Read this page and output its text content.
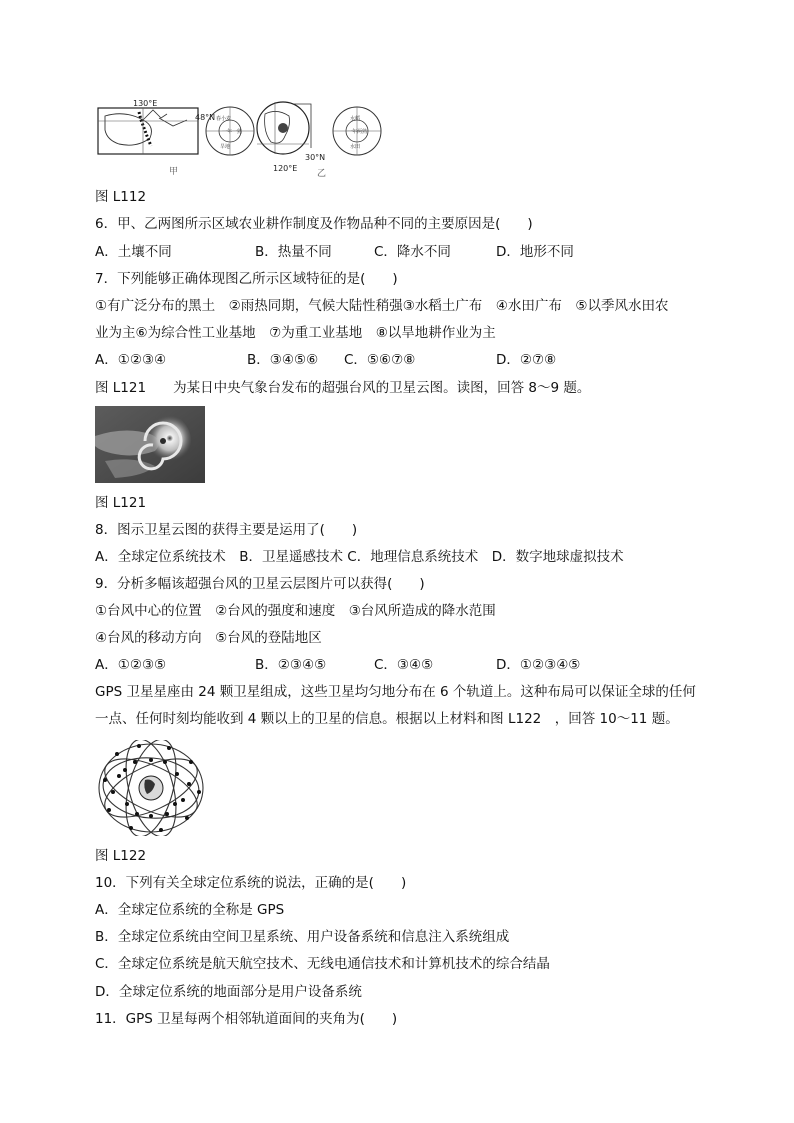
130°E
48°N
甲
春小麦
一年一熟
旱地
120°E
30°N
乙
水稻
一年两熟
水田
图 L112
6．甲、乙两图所示区域农业耕作制度及作物品种不同的主要原因是(　　)
A．土壤不同	B．热量不同	C．降水不同	D．地形不同
7．下列能够正确体现图乙所示区域特征的是(　　)
①有广泛分布的黑土　②雨热同期，气候大陆性稍强③水稻土广布　④水田广布　⑤以季风水田农
业为主⑥为综合性工业基地　⑦为重工业基地　⑧以旱地耕作业为主
A．①②③④	B．③④⑤⑥ C．⑤⑥⑦⑧	D．②⑦⑧
图 L121　　为某日中央气象台发布的超强台风的卫星云图。读图，回答 8～9 题。
图 L121
8．图示卫星云图的获得主要是运用了(　　)
A．全球定位系统技术　B．卫星遥感技术 C．地理信息系统技术　D．数字地球虚拟技术
9．分析多幅该超强台风的卫星云层图片可以获得(　　)
①台风中心的位置　②台风的强度和速度　③台风所造成的降水范围
④台风的移动方向　⑤台风的登陆地区
A．①②③⑤	B．②③④⑤	C．③④⑤	D．①②③④⑤
GPS 卫星星座由 24 颗卫星组成，这些卫星均匀地分布在 6 个轨道上。这种布局可以保证全球的任何
一点、任何时刻均能收到 4 颗以上的卫星的信息。根据以上材料和图 L122　，回答 10～11 题。
图 L122
10．下列有关全球定位系统的说法，正确的是(　　)
A．全球定位系统的全称是 GPS
B．全球定位系统由空间卫星系统、用户设备系统和信息注入系统组成
C．全球定位系统是航天航空技术、无线电通信技术和计算机技术的综合结晶
D．全球定位系统的地面部分是用户设备系统
11．GPS 卫星每两个相邻轨道面间的夹角为(　　)
